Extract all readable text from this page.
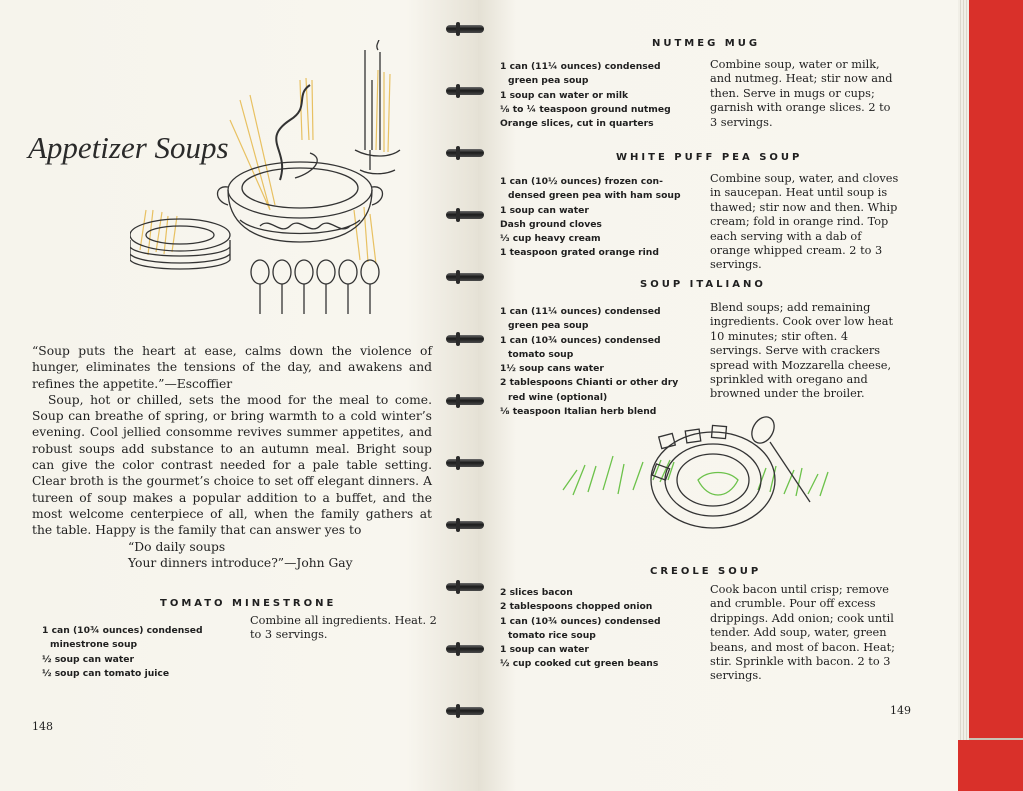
Appetizer Soups

“Soup puts the heart at ease, calms down the violence of hunger, eliminates the tensions of the day, and awakens and refines the appetite.”—Escoffier

Soup, hot or chilled, sets the mood for the meal to come. Soup can breathe of spring, or bring warmth to a cold winter’s evening. Cool jellied consomme revives summer appetites, and robust soups add substance to an autumn meal. Bright soup can give the color contrast needed for a pale table setting. Clear broth is the gourmet’s choice to set off elegant dinners. A tureen of soup makes a popular addition to a buffet, and the most welcome centerpiece of all, when the family gathers at the table. Happy is the family that can answer yes to

“Do daily soups

Your dinners introduce?”—John Gay

TOMATO MINESTRONE
1 can (10¾ ounces) condensed
minestrone soup
½ soup can water
½ soup can tomato juice
Combine all ingredients. Heat. 2 to 3 servings.
148
NUTMEG MUG
1 can (11¼ ounces) condensed
green pea soup
1 soup can water or milk
⅛ to ¼ teaspoon ground nutmeg
Orange slices, cut in quarters
Combine soup, water or milk, and nutmeg. Heat; stir now and then. Serve in mugs or cups; garnish with orange slices. 2 to 3 servings.
WHITE PUFF PEA SOUP
1 can (10½ ounces) frozen con-
densed green pea with ham soup
1 soup can water
Dash ground cloves
⅓ cup heavy cream
1 teaspoon grated orange rind
Combine soup, water, and cloves in saucepan. Heat until soup is thawed; stir now and then. Whip cream; fold in orange rind. Top each serving with a dab of orange whipped cream. 2 to 3 servings.
SOUP ITALIANO
1 can (11¼ ounces) condensed
green pea soup
1 can (10¾ ounces) condensed
tomato soup
1½ soup cans water
2 tablespoons Chianti or other dry
red wine (optional)
⅛ teaspoon Italian herb blend
Blend soups; add remaining ingredients. Cook over low heat 10 minutes; stir often. 4 servings. Serve with crackers spread with Mozzarella cheese, sprinkled with oregano and browned under the broiler.
CREOLE SOUP
2 slices bacon
2 tablespoons chopped onion
1 can (10¾ ounces) condensed
tomato rice soup
1 soup can water
½ cup cooked cut green beans
Cook bacon until crisp; remove and crumble. Pour off excess drippings. Add onion; cook until tender. Add soup, water, green beans, and most of bacon. Heat; stir. Sprinkle with bacon. 2 to 3 servings.
149
